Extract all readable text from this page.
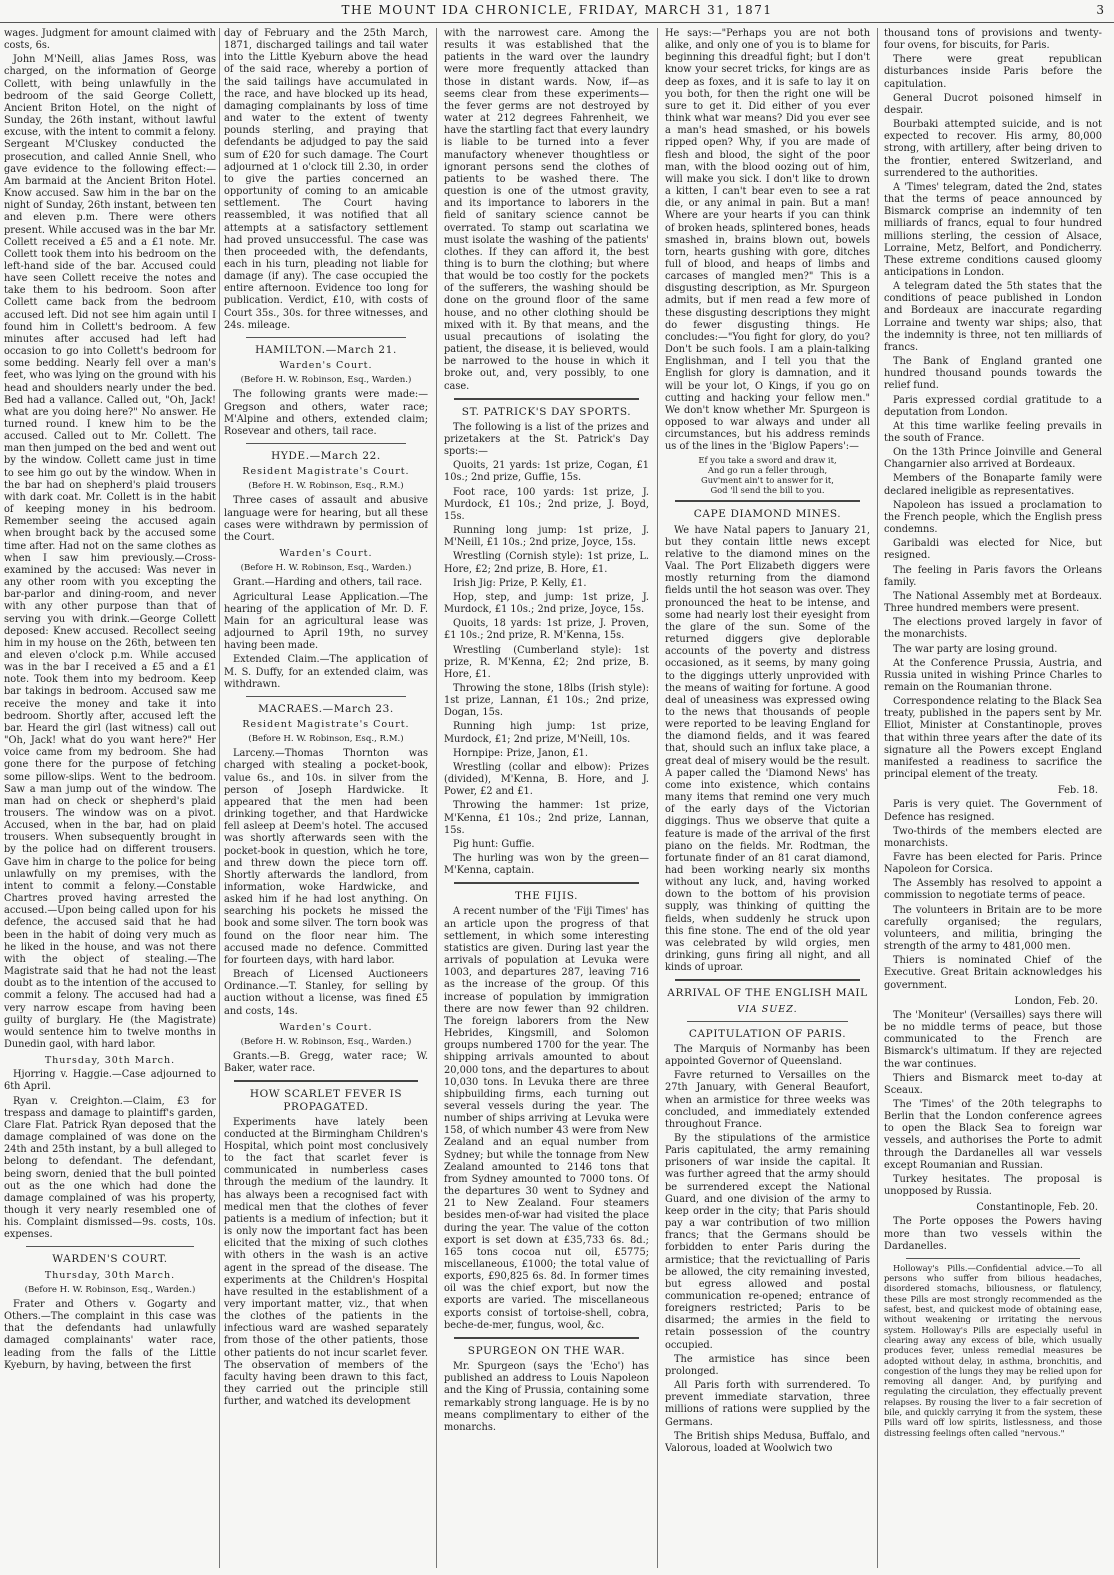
THE MOUNT IDA CHRONICLE, FRIDAY, MARCH 31, 1871	3

wages. Judgment for amount claimed with costs, 6s.

John M'Neill, alias James Ross, was charged, on the information of George Collett, with being unlawfully in the bedroom of the said George Collett, Ancient Briton Hotel, on the night of Sunday, the 26th instant, without lawful excuse, with the intent to commit a felony. Sergeant M'Cluskey conducted the prosecution, and called Annie Snell, who gave evidence to the following effect:—Am barmaid at the Ancient Briton Hotel. Know accused. Saw him in the bar on the night of Sunday, 26th instant, between ten and eleven p.m. There were others present. While accused was in the bar Mr. Collett received a £5 and a £1 note. Mr. Collett took them into his bedroom on the left-hand side of the bar. Accused could have seen Collett receive the notes and take them to his bedroom. Soon after Collett came back from the bedroom accused left. Did not see him again until I found him in Collett's bedroom. A few minutes after accused had left had occasion to go into Collett's bedroom for some bedding. Nearly fell over a man's feet, who was lying on the ground with his head and shoulders nearly under the bed. Bed had a vallance. Called out, "Oh, Jack! what are you doing here?" No answer. He turned round. I knew him to be the accused. Called out to Mr. Collett. The man then jumped on the bed and went out by the window. Collett came just in time to see him go out by the window. When in the bar had on shepherd's plaid trousers with dark coat. Mr. Collett is in the habit of keeping money in his bedroom. Remember seeing the accused again when brought back by the accused some time after. Had not on the same clothes as when I saw him previously.—Cross-examined by the accused: Was never in any other room with you excepting the bar-parlor and dining-room, and never with any other purpose than that of serving you with drink.—George Collett deposed: Knew accused. Recollect seeing him in my house on the 26th, between ten and eleven o'clock p.m. While accused was in the bar I received a £5 and a £1 note. Took them into my bedroom. Keep bar takings in bedroom. Accused saw me receive the money and take it into bedroom. Shortly after, accused left the bar. Heard the girl (last witness) call out "Oh, Jack! what do you want here?" Her voice came from my bedroom. She had gone there for the purpose of fetching some pillow-slips. Went to the bedroom. Saw a man jump out of the window. The man had on check or shepherd's plaid trousers. The window was on a pivot. Accused, when in the bar, had on plaid trousers. When subsequently brought in by the police had on different trousers. Gave him in charge to the police for being unlawfully on my premises, with the intent to commit a felony.—Constable Chartres proved having arrested the accused.—Upon being called upon for his defence, the accused said that he had been in the habit of doing very much as he liked in the house, and was not there with the object of stealing.—The Magistrate said that he had not the least doubt as to the intention of the accused to commit a felony. The accused had had a very narrow escape from having been guilty of burglary. He (the Magistrate) would sentence him to twelve months in Dunedin gaol, with hard labor.

Thursday, 30th March.

Hjorring v. Haggie.—Case adjourned to 6th April.

Ryan v. Creighton.—Claim, £3 for trespass and damage to plaintiff's garden, Clare Flat. Patrick Ryan deposed that the damage complained of was done on the 24th and 25th instant, by a bull alleged to belong to defendant. The defendant, being sworn, denied that the bull pointed out as the one which had done the damage complained of was his property, though it very nearly resembled one of his. Complaint dismissed—9s. costs, 10s. expenses.

WARDEN'S COURT.
Thursday, 30th March.
(Before H. W. Robinson, Esq., Warden.)

Frater and Others v. Gogarty and Others.—The complaint in this case was that the defendants had unlawfully damaged complainants' water race, leading from the falls of the Little Kyeburn, by having, between the first

day of February and the 25th March, 1871, discharged tailings and tail water into the Little Kyeburn above the head of the said race, whereby a portion of the said tailings have accumulated in the race, and have blocked up its head, damaging complainants by loss of time and water to the extent of twenty pounds sterling, and praying that defendants be adjudged to pay the said sum of £20 for such damage. The Court adjourned at 1 o'clock till 2.30, in order to give the parties concerned an opportunity of coming to an amicable settlement. The Court having reassembled, it was notified that all attempts at a satisfactory settlement had proved unsuccessful. The case was then proceeded with, the defendants, each in his turn, pleading not liable for damage (if any). The case occupied the entire afternoon. Evidence too long for publication. Verdict, £10, with costs of Court 35s., 30s. for three witnesses, and 24s. mileage.

HAMILTON.—March 21.
Warden's Court.
(Before H. W. Robinson, Esq., Warden.)

The following grants were made:—Gregson and others, water race; M'Alpine and others, extended claim; Rosevear and others, tail race.

HYDE.—March 22.
Resident Magistrate's Court.
(Before H. W. Robinson, Esq., R.M.)

Three cases of assault and abusive language were for hearing, but all these cases were withdrawn by permission of the Court.

Warden's Court.
(Before H. W. Robinson, Esq., Warden.)

Grant.—Harding and others, tail race.

Agricultural Lease Application.—The hearing of the application of Mr. D. F. Main for an agricultural lease was adjourned to April 19th, no survey having been made.

Extended Claim.—The application of M. S. Duffy, for an extended claim, was withdrawn.

MACRAES.—March 23.
Resident Magistrate's Court.
(Before H. W. Robinson, Esq., R.M.)

Larceny.—Thomas Thornton was charged with stealing a pocket-book, value 6s., and 10s. in silver from the person of Joseph Hardwicke. It appeared that the men had been drinking together, and that Hardwicke fell asleep at Deem's hotel. The accused was shortly afterwards seen with the pocket-book in question, which he tore, and threw down the piece torn off. Shortly afterwards the landlord, from information, woke Hardwicke, and asked him if he had lost anything. On searching his pockets he missed the book and some silver. The torn book was found on the floor near him. The accused made no defence. Committed for fourteen days, with hard labor.

Breach of Licensed Auctioneers Ordinance.—T. Stanley, for selling by auction without a license, was fined £5 and costs, 14s.

Warden's Court.
(Before H. W. Robinson, Esq., Warden.)

Grants.—B. Gregg, water race; W. Baker, water race.

HOW SCARLET FEVER IS PROPAGATED.

Experiments have lately been conducted at the Birmingham Children's Hospital, which point most conclusively to the fact that scarlet fever is communicated in numberless cases through the medium of the laundry. It has always been a recognised fact with medical men that the clothes of fever patients is a medium of infection; but it is only now the important fact has been elicited that the mixing of such clothes with others in the wash is an active agent in the spread of the disease. The experiments at the Children's Hospital have resulted in the establishment of a very important matter, viz., that when the clothes of the patients in the infectious ward are washed separately from those of the other patients, those other patients do not incur scarlet fever. The observation of members of the faculty having been drawn to this fact, they carried out the principle still further, and watched its development

with the narrowest care. Among the results it was established that the patients in the ward over the laundry were more frequently attacked than those in distant wards. Now, if—as seems clear from these experiments—the fever germs are not destroyed by water at 212 degrees Fahrenheit, we have the startling fact that every laundry is liable to be turned into a fever manufactory whenever thoughtless or ignorant persons send the clothes of patients to be washed there. The question is one of the utmost gravity, and its importance to laborers in the field of sanitary science cannot be overrated. To stamp out scarlatina we must isolate the washing of the patients' clothes. If they can afford it, the best thing is to burn the clothing; but where that would be too costly for the pockets of the sufferers, the washing should be done on the ground floor of the same house, and no other clothing should be mixed with it. By that means, and the usual precautions of isolating the patient, the disease, it is believed, would be narrowed to the house in which it broke out, and, very possibly, to one case.

ST. PATRICK'S DAY SPORTS.

The following is a list of the prizes and prizetakers at the St. Patrick's Day sports:—

Quoits, 21 yards: 1st prize, Cogan, £1 10s.; 2nd prize, Guffie, 15s.

Foot race, 100 yards: 1st prize, J. Murdock, £1 10s.; 2nd prize, J. Boyd, 15s.

Running long jump: 1st prize, J. M'Neill, £1 10s.; 2nd prize, Joyce, 15s.

Wrestling (Cornish style): 1st prize, L. Hore, £2; 2nd prize, B. Hore, £1.

Irish Jig: Prize, P. Kelly, £1.

Hop, step, and jump: 1st prize, J. Murdock, £1 10s.; 2nd prize, Joyce, 15s.

Quoits, 18 yards: 1st prize, J. Proven, £1 10s.; 2nd prize, R. M'Kenna, 15s.

Wrestling (Cumberland style): 1st prize, R. M'Kenna, £2; 2nd prize, B. Hore, £1.

Throwing the stone, 18lbs (Irish style): 1st prize, Lannan, £1 10s.; 2nd prize, Dogan, 15s.

Running high jump: 1st prize, Murdock, £1; 2nd prize, M'Neill, 10s.

Hornpipe: Prize, Janon, £1.

Wrestling (collar and elbow): Prizes (divided), M'Kenna, B. Hore, and J. Power, £2 and £1.

Throwing the hammer: 1st prize, M'Kenna, £1 10s.; 2nd prize, Lannan, 15s.

Pig hunt: Guffie.

The hurling was won by the green—M'Kenna, captain.

THE FIJIS.

A recent number of the 'Fiji Times' has an article upon the progress of that settlement, in which some interesting statistics are given. During last year the arrivals of population at Levuka were 1003, and departures 287, leaving 716 as the increase of the group. Of this increase of population by immigration there are now fewer than 92 children. The foreign laborers from the New Hebrides, Kingsmill, and Solomon groups numbered 1700 for the year. The shipping arrivals amounted to about 20,000 tons, and the departures to about 10,030 tons. In Levuka there are three shipbuilding firms, each turning out several vessels during the year. The number of ships arriving at Levuka were 158, of which number 43 were from New Zealand and an equal number from Sydney; but while the tonnage from New Zealand amounted to 2146 tons that from Sydney amounted to 7000 tons. Of the departures 30 went to Sydney and 21 to New Zealand. Four steamers besides men-of-war had visited the place during the year. The value of the cotton export is set down at £35,733 6s. 8d.; 165 tons cocoa nut oil, £5775; miscellaneous, £1000; the total value of exports, £90,825 6s. 8d. In former times oil was the chief export, but now the exports are varied. The miscellaneous exports consist of tortoise-shell, cobra, beche-de-mer, fungus, wool, &c.

SPURGEON ON THE WAR.

Mr. Spurgeon (says the 'Echo') has published an address to Louis Napoleon and the King of Prussia, containing some remarkably strong language. He is by no means complimentary to either of the monarchs.

He says:—"Perhaps you are not both alike, and only one of you is to blame for beginning this dreadful fight; but I don't know your secret tricks, for kings are as deep as foxes, and it is safe to lay it on you both, for then the right one will be sure to get it. Did either of you ever think what war means? Did you ever see a man's head smashed, or his bowels ripped open? Why, if you are made of flesh and blood, the sight of the poor man, with the blood oozing out of him, will make you sick. I don't like to drown a kitten, I can't bear even to see a rat die, or any animal in pain. But a man! Where are your hearts if you can think of broken heads, splintered bones, heads smashed in, brains blown out, bowels torn, hearts gushing with gore, ditches full of blood, and heaps of limbs and carcases of mangled men?" This is a disgusting description, as Mr. Spurgeon admits, but if men read a few more of these disgusting descriptions they might do fewer disgusting things. He concludes:—"You fight for glory, do you? Don't be such fools. I am a plain-talking Englishman, and I tell you that the English for glory is damnation, and it will be your lot, O Kings, if you go on cutting and hacking your fellow men." We don't know whether Mr. Spurgeon is opposed to war always and under all circumstances, but his address reminds us of the lines in the 'Biglow Papers':—

Ef you take a sword and draw it,
And go run a feller through,
Guv'ment ain't to answer for it,
God 'll send the bill to you.
CAPE DIAMOND MINES.

We have Natal papers to January 21, but they contain little news except relative to the diamond mines on the Vaal. The Port Elizabeth diggers were mostly returning from the diamond fields until the hot season was over. They pronounced the heat to be intense, and some had nearly lost their eyesight from the glare of the sun. Some of the returned diggers give deplorable accounts of the poverty and distress occasioned, as it seems, by many going to the diggings utterly unprovided with the means of waiting for fortune. A good deal of uneasiness was expressed owing to the news that thousands of people were reported to be leaving England for the diamond fields, and it was feared that, should such an influx take place, a great deal of misery would be the result. A paper called the 'Diamond News' has come into existence, which contains many items that remind one very much of the early days of the Victorian diggings. Thus we observe that quite a feature is made of the arrival of the first piano on the fields. Mr. Rodtman, the fortunate finder of an 81 carat diamond, had been working nearly six months without any luck, and, having worked down to the bottom of his provision supply, was thinking of quitting the fields, when suddenly he struck upon this fine stone. The end of the old year was celebrated by wild orgies, men drinking, guns firing all night, and all kinds of uproar.

ARRIVAL OF THE ENGLISH MAIL
VIA SUEZ.
CAPITULATION OF PARIS.

The Marquis of Normanby has been appointed Governor of Queensland.

Favre returned to Versailles on the 27th January, with General Beaufort, when an armistice for three weeks was concluded, and immediately extended throughout France.

By the stipulations of the armistice Paris capitulated, the army remaining prisoners of war inside the capital. It was further agreed that the army should be surrendered except the National Guard, and one division of the army to keep order in the city; that Paris should pay a war contribution of two million francs; that the Germans should be forbidden to enter Paris during the armistice; that the revictualling of Paris be allowed, the city remaining invested, but egress allowed and postal communication re-opened; entrance of foreigners restricted; Paris to be disarmed; the armies in the field to retain possession of the country occupied.

The armistice has since been prolonged.

All Paris forth with surrendered. To prevent immediate starvation, three millions of rations were supplied by the Germans.

The British ships Medusa, Buffalo, and Valorous, loaded at Woolwich two

thousand tons of provisions and twenty-four ovens, for biscuits, for Paris.

There were great republican disturbances inside Paris before the capitulation.

General Ducrot poisoned himself in despair.

Bourbaki attempted suicide, and is not expected to recover. His army, 80,000 strong, with artillery, after being driven to the frontier, entered Switzerland, and surrendered to the authorities.

A 'Times' telegram, dated the 2nd, states that the terms of peace announced by Bismarck comprise an indemnity of ten milliards of francs, equal to four hundred millions sterling, the cession of Alsace, Lorraine, Metz, Belfort, and Pondicherry. These extreme conditions caused gloomy anticipations in London.

A telegram dated the 5th states that the conditions of peace published in London and Bordeaux are inaccurate regarding Lorraine and twenty war ships; also, that the indemnity is three, not ten milliards of francs.

The Bank of England granted one hundred thousand pounds towards the relief fund.

Paris expressed cordial gratitude to a deputation from London.

At this time warlike feeling prevails in the south of France.

On the 13th Prince Joinville and General Changarnier also arrived at Bordeaux.

Members of the Bonaparte family were declared ineligible as representatives.

Napoleon has issued a proclamation to the French people, which the English press condemns.

Garibaldi was elected for Nice, but resigned.

The feeling in Paris favors the Orleans family.

The National Assembly met at Bordeaux. Three hundred members were present.

The elections proved largely in favor of the monarchists.

The war party are losing ground.

At the Conference Prussia, Austria, and Russia united in wishing Prince Charles to remain on the Roumanian throne.

Correspondence relating to the Black Sea treaty, published in the papers sent by Mr. Elliot, Minister at Constantinople, proves that within three years after the date of its signature all the Powers except England manifested a readiness to sacrifice the principal element of the treaty.

Feb. 18.

Paris is very quiet. The Government of Defence has resigned.

Two-thirds of the members elected are monarchists.

Favre has been elected for Paris. Prince Napoleon for Corsica.

The Assembly has resolved to appoint a commission to negotiate terms of peace.

The volunteers in Britain are to be more carefully organised; the regulars, volunteers, and militia, bringing the strength of the army to 481,000 men.

Thiers is nominated Chief of the Executive. Great Britain acknowledges his government.

London, Feb. 20.

The 'Moniteur' (Versailles) says there will be no middle terms of peace, but those communicated to the French are Bismarck's ultimatum. If they are rejected the war continues.

Thiers and Bismarck meet to-day at Sceaux.

The 'Times' of the 20th telegraphs to Berlin that the London conference agrees to open the Black Sea to foreign war vessels, and authorises the Porte to admit through the Dardanelles all war vessels except Roumanian and Russian.

Turkey hesitates. The proposal is unopposed by Russia.

Constantinople, Feb. 20.

The Porte opposes the Powers having more than two vessels within the Dardanelles.

Holloway's Pills.—Confidential advice.—To all persons who suffer from bilious headaches, disordered stomachs, biliousness, or flatulency, these Pills are most strongly recommended as the safest, best, and quickest mode of obtaining ease, without weakening or irritating the nervous system. Holloway's Pills are especially useful in clearing away any excess of bile, which usually produces fever, unless remedial measures be adopted without delay, in asthma, bronchitis, and congestion of the lungs they may be relied upon for removing all danger. And, by purifying and regulating the circulation, they effectually prevent relapses. By rousing the liver to a fair secretion of bile, and quickly carrying it from the system, these Pills ward off low spirits, listlessness, and those distressing feelings often called "nervous."
